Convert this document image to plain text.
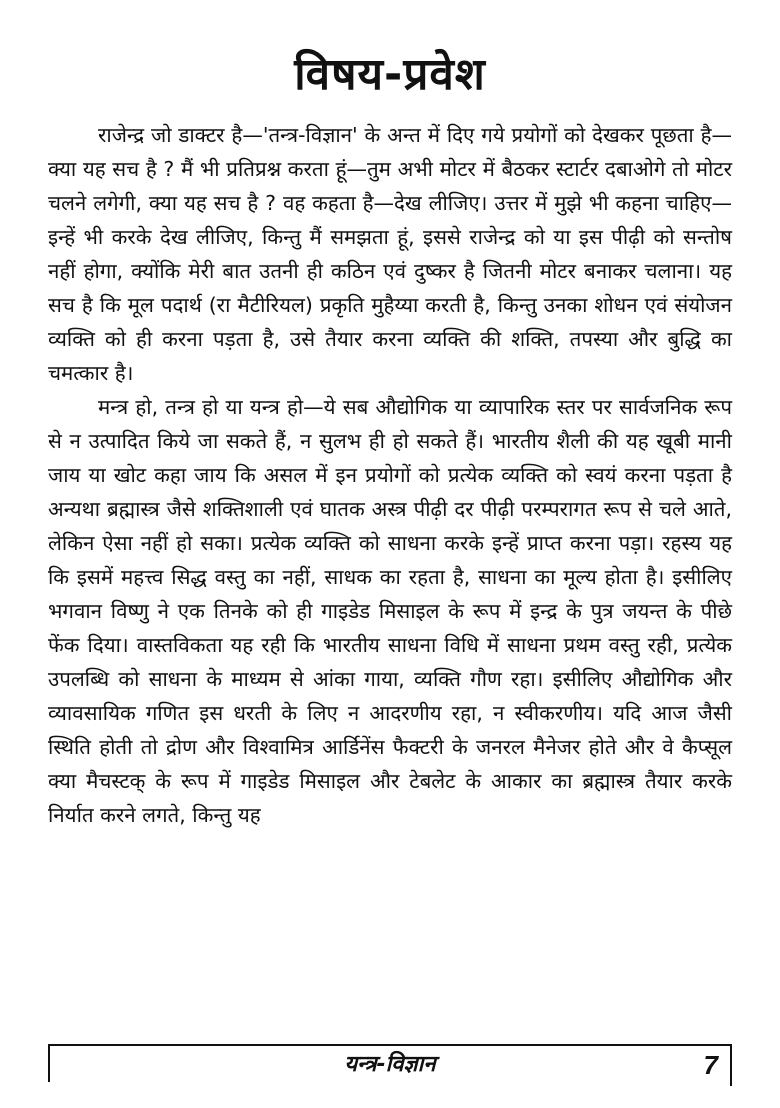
विषय-प्रवेश

राजेन्द्र जो डाक्टर है—'तन्त्र-विज्ञान' के अन्त में दिए गये प्रयोगों को देखकर पूछता है—क्या यह सच है ? मैं भी प्रतिप्रश्न करता हूं—तुम अभी मोटर में बैठकर स्टार्टर दबाओगे तो मोटर चलने लगेगी, क्या यह सच है ? वह कहता है—देख लीजिए। उत्तर में मुझे भी कहना चाहिए—इन्हें भी करके देख लीजिए, किन्तु मैं समझता हूं, इससे राजेन्द्र को या इस पीढ़ी को सन्तोष नहीं होगा, क्योंकि मेरी बात उतनी ही कठिन एवं दुष्कर है जितनी मोटर बनाकर चलाना। यह सच है कि मूल पदार्थ (रा मैटीरियल) प्रकृति मुहैय्या करती है, किन्तु उनका शोधन एवं संयोजन व्यक्ति को ही करना पड़ता है, उसे तैयार करना व्यक्ति की शक्ति, तपस्या और बुद्धि का चमत्कार है।

मन्त्र हो, तन्त्र हो या यन्त्र हो—ये सब औद्योगिक या व्यापारिक स्तर पर सार्वजनिक रूप से न उत्पादित किये जा सकते हैं, न सुलभ ही हो सकते हैं। भारतीय शैली की यह खूबी मानी जाय या खोट कहा जाय कि असल में इन प्रयोगों को प्रत्येक व्यक्ति को स्वयं करना पड़ता है अन्यथा ब्रह्मास्त्र जैसे शक्तिशाली एवं घातक अस्त्र पीढ़ी दर पीढ़ी परम्परागत रूप से चले आते, लेकिन ऐसा नहीं हो सका। प्रत्येक व्यक्ति को साधना करके इन्हें प्राप्त करना पड़ा। रहस्य यह कि इसमें महत्त्व सिद्ध वस्तु का नहीं, साधक का रहता है, साधना का मूल्य होता है। इसीलिए भगवान विष्णु ने एक तिनके को ही गाइडेड मिसाइल के रूप में इन्द्र के पुत्र जयन्त के पीछे फेंक दिया। वास्तविकता यह रही कि भारतीय साधना विधि में साधना प्रथम वस्तु रही, प्रत्येक उपलब्धि को साधना के माध्यम से आंका गाया, व्यक्ति गौण रहा। इसीलिए औद्योगिक और व्यावसायिक गणित इस धरती के लिए न आदरणीय रहा, न स्वीकरणीय। यदि आज जैसी स्थिति होती तो द्रोण और विश्वामित्र आर्डिनेंस फैक्टरी के जनरल मैनेजर होते और वे कैप्सूल क्या मैचस्टक् के रूप में गाइडेड मिसाइल और टेबलेट के आकार का ब्रह्मास्त्र तैयार करके निर्यात करने लगते, किन्तु यह

यन्त्र-विज्ञान	7
